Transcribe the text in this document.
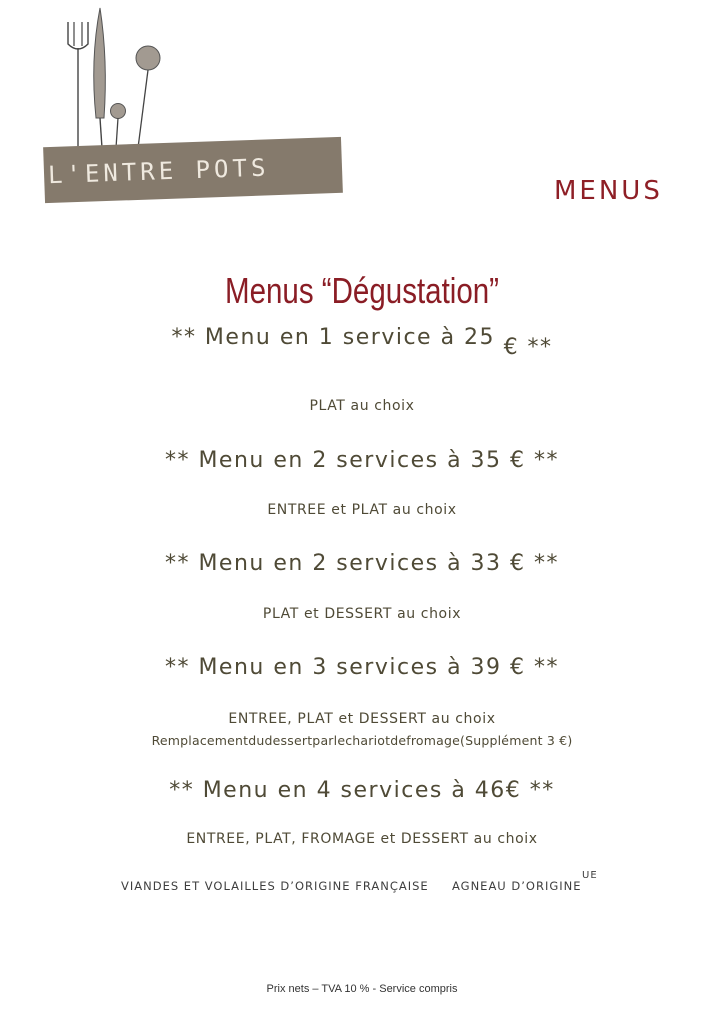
L'ENTRE POTS
MENUS
Menus “Dégustation”
** Menu en 1 service à 25 € **
PLAT au choix
** Menu en 2 services à 35 € **
ENTREE et PLAT au choix
** Menu en 2 services à 33 € **
PLAT et DESSERT au choix
** Menu en 3 services à 39 € **
ENTREE, PLAT et DESSERT au choix
Remplacementdudessertparlechariotdefromage(Supplément 3 €)
** Menu en 4 services à 46€ **
ENTREE, PLAT, FROMAGE et DESSERT au choix
VIANDES ET VOLAILLES D’ORIGINE FRANÇAISE AGNEAU D’ORIGINE
UE
Prix nets – TVA 10 % - Service compris
